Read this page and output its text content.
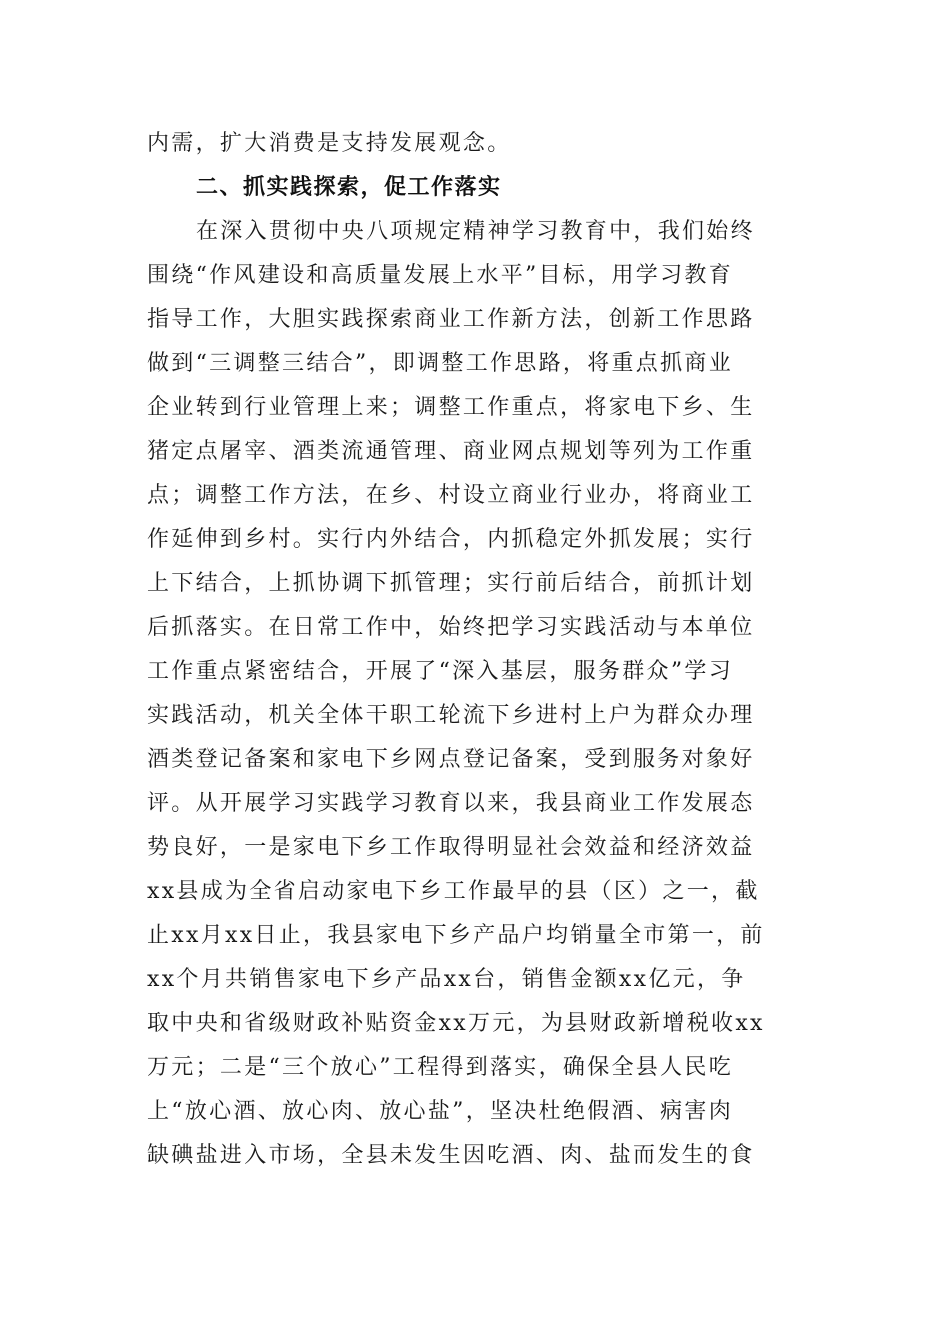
内需，扩大消费是支持发展观念。
二、抓实践探索，促工作落实
在深入贯彻中央八项规定精神学习教育中，我们始终
围绕“作风建设和高质量发展上水平”目标，用学习教育
指导工作，大胆实践探索商业工作新方法，创新工作思路
做到“三调整三结合”，即调整工作思路，将重点抓商业
企业转到行业管理上来；调整工作重点，将家电下乡、生
猪定点屠宰、酒类流通管理、商业网点规划等列为工作重
点；调整工作方法，在乡、村设立商业行业办，将商业工
作延伸到乡村。实行内外结合，内抓稳定外抓发展；实行
上下结合，上抓协调下抓管理；实行前后结合，前抓计划
后抓落实。在日常工作中，始终把学习实践活动与本单位
工作重点紧密结合，开展了“深入基层，服务群众”学习
实践活动，机关全体干职工轮流下乡进村上户为群众办理
酒类登记备案和家电下乡网点登记备案，受到服务对象好
评。从开展学习实践学习教育以来，我县商业工作发展态
势良好，一是家电下乡工作取得明显社会效益和经济效益
xx县成为全省启动家电下乡工作最早的县（区）之一，截
止xx月xx日止，我县家电下乡产品户均销量全市第一，前
xx个月共销售家电下乡产品xx台，销售金额xx亿元，争
取中央和省级财政补贴资金xx万元，为县财政新增税收xx
万元；二是“三个放心”工程得到落实，确保全县人民吃
上“放心酒、放心肉、放心盐”，坚决杜绝假酒、病害肉
缺碘盐进入市场，全县未发生因吃酒、肉、盐而发生的食
